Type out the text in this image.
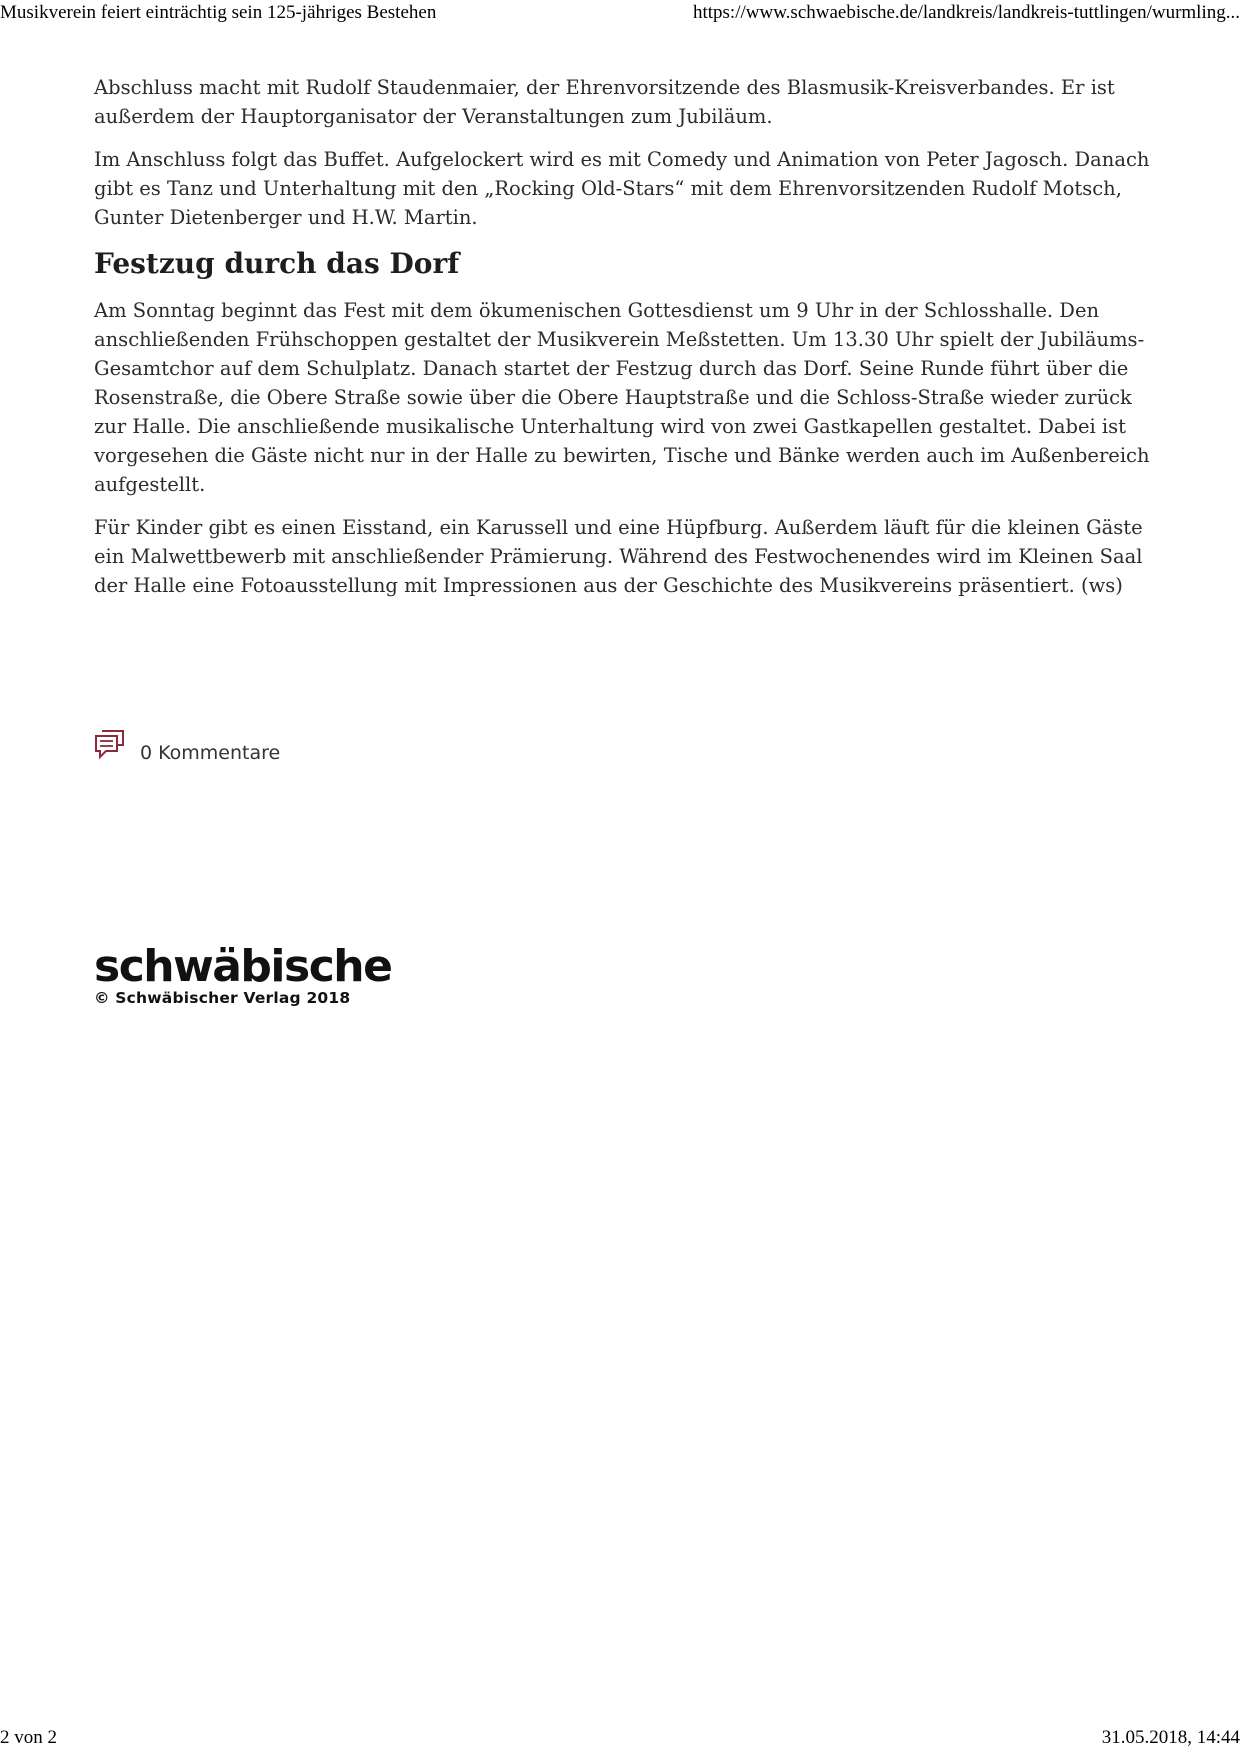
Musikverein feiert einträchtig sein 125-jähriges Bestehen	https://www.schwaebische.de/landkreis/landkreis-tuttlingen/wurmling...

Abschluss macht mit Rudolf Staudenmaier, der Ehrenvorsitzende des Blasmusik-Kreisverbandes. Er ist außerdem der Hauptorganisator der Veranstaltungen zum Jubiläum.

Im Anschluss folgt das Buffet. Aufgelockert wird es mit Comedy und Animation von Peter Jagosch. Danach gibt es Tanz und Unterhaltung mit den „Rocking Old-Stars“ mit dem Ehrenvorsitzenden Rudolf Motsch, Gunter Dietenberger und H.W. Martin.

Festzug durch das Dorf

Am Sonntag beginnt das Fest mit dem ökumenischen Gottesdienst um 9 Uhr in der Schlosshalle. Den anschließenden Frühschoppen gestaltet der Musikverein Meßstetten. Um 13.30 Uhr spielt der Jubiläums-Gesamtchor auf dem Schulplatz. Danach startet der Festzug durch das Dorf. Seine Runde führt über die Rosenstraße, die Obere Straße sowie über die Obere Hauptstraße und die Schloss-Straße wieder zurück zur Halle. Die anschließende musikalische Unterhaltung wird von zwei Gastkapellen gestaltet. Dabei ist vorgesehen die Gäste nicht nur in der Halle zu bewirten, Tische und Bänke werden auch im Außenbereich aufgestellt.

Für Kinder gibt es einen Eisstand, ein Karussell und eine Hüpfburg. Außerdem läuft für die kleinen Gäste ein Malwettbewerb mit anschließender Prämierung. Während des Festwochenendes wird im Kleinen Saal der Halle eine Fotoausstellung mit Impressionen aus der Geschichte des Musikvereins präsentiert. (ws)

0 Kommentare
schwäbische
© Schwäbischer Verlag 2018
2 von 2	31.05.2018, 14:44
